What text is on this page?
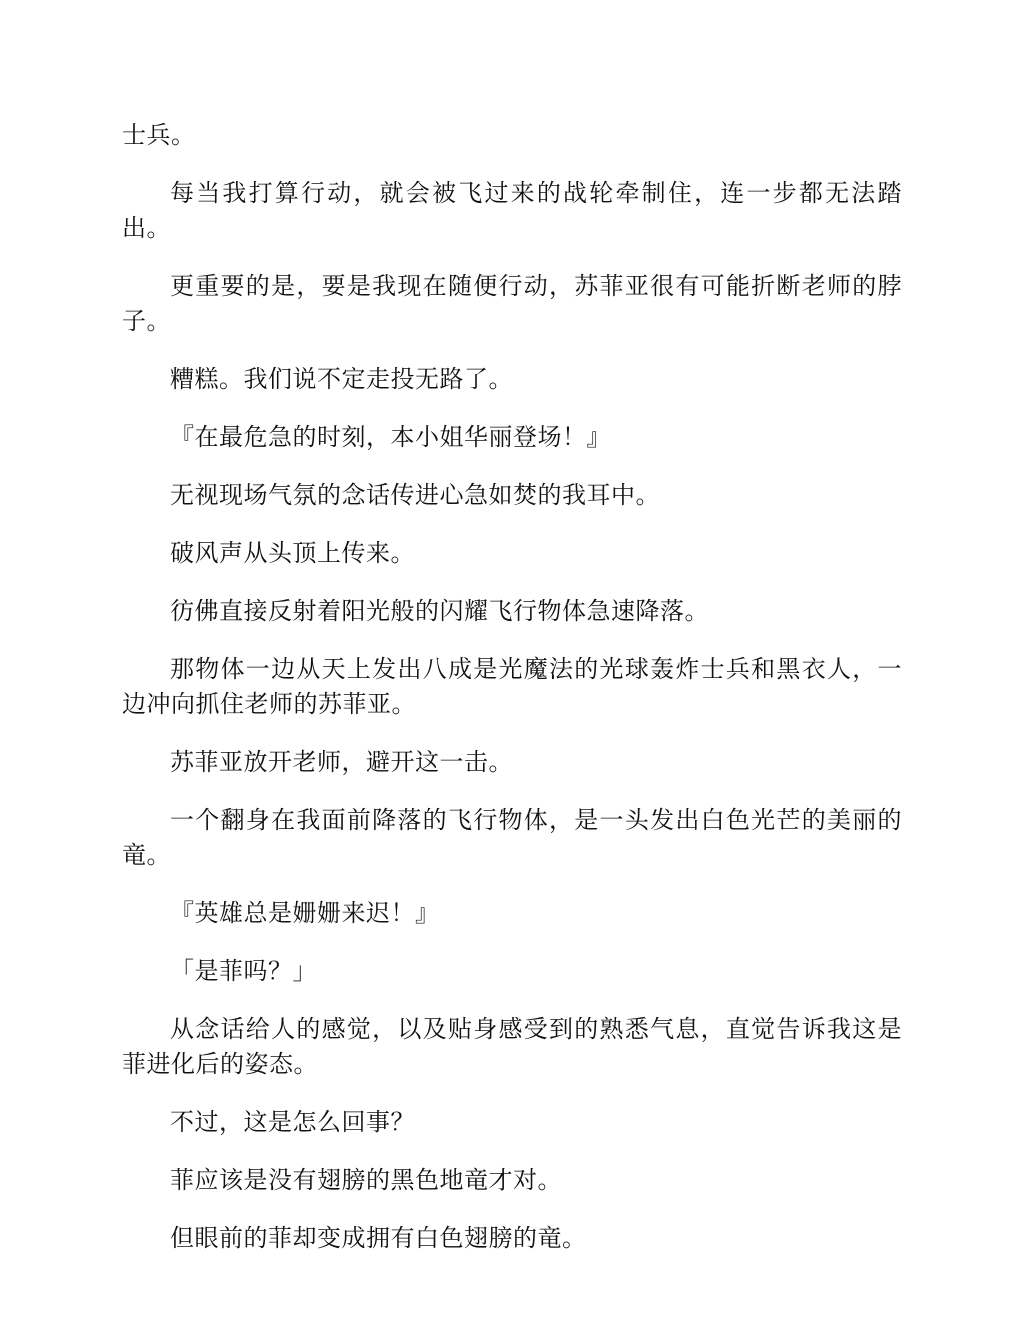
士兵。

每当我打算行动，就会被飞过来的战轮牵制住，连一步都无法踏出。

更重要的是，要是我现在随便行动，苏菲亚很有可能折断老师的脖子。

糟糕。我们说不定走投无路了。

『在最危急的时刻，本小姐华丽登场！』

无视现场气氛的念话传进心急如焚的我耳中。

破风声从头顶上传来。

彷佛直接反射着阳光般的闪耀飞行物体急速降落。

那物体一边从天上发出八成是光魔法的光球轰炸士兵和黑衣人，一边冲向抓住老师的苏菲亚。

苏菲亚放开老师，避开这一击。

一个翻身在我面前降落的飞行物体，是一头发出白色光芒的美丽的竜。

『英雄总是姗姗来迟！』

「是菲吗？」

从念话给人的感觉，以及贴身感受到的熟悉气息，直觉告诉我这是菲进化后的姿态。

不过，这是怎么回事？

菲应该是没有翅膀的黑色地竜才对。

但眼前的菲却变成拥有白色翅膀的竜。
